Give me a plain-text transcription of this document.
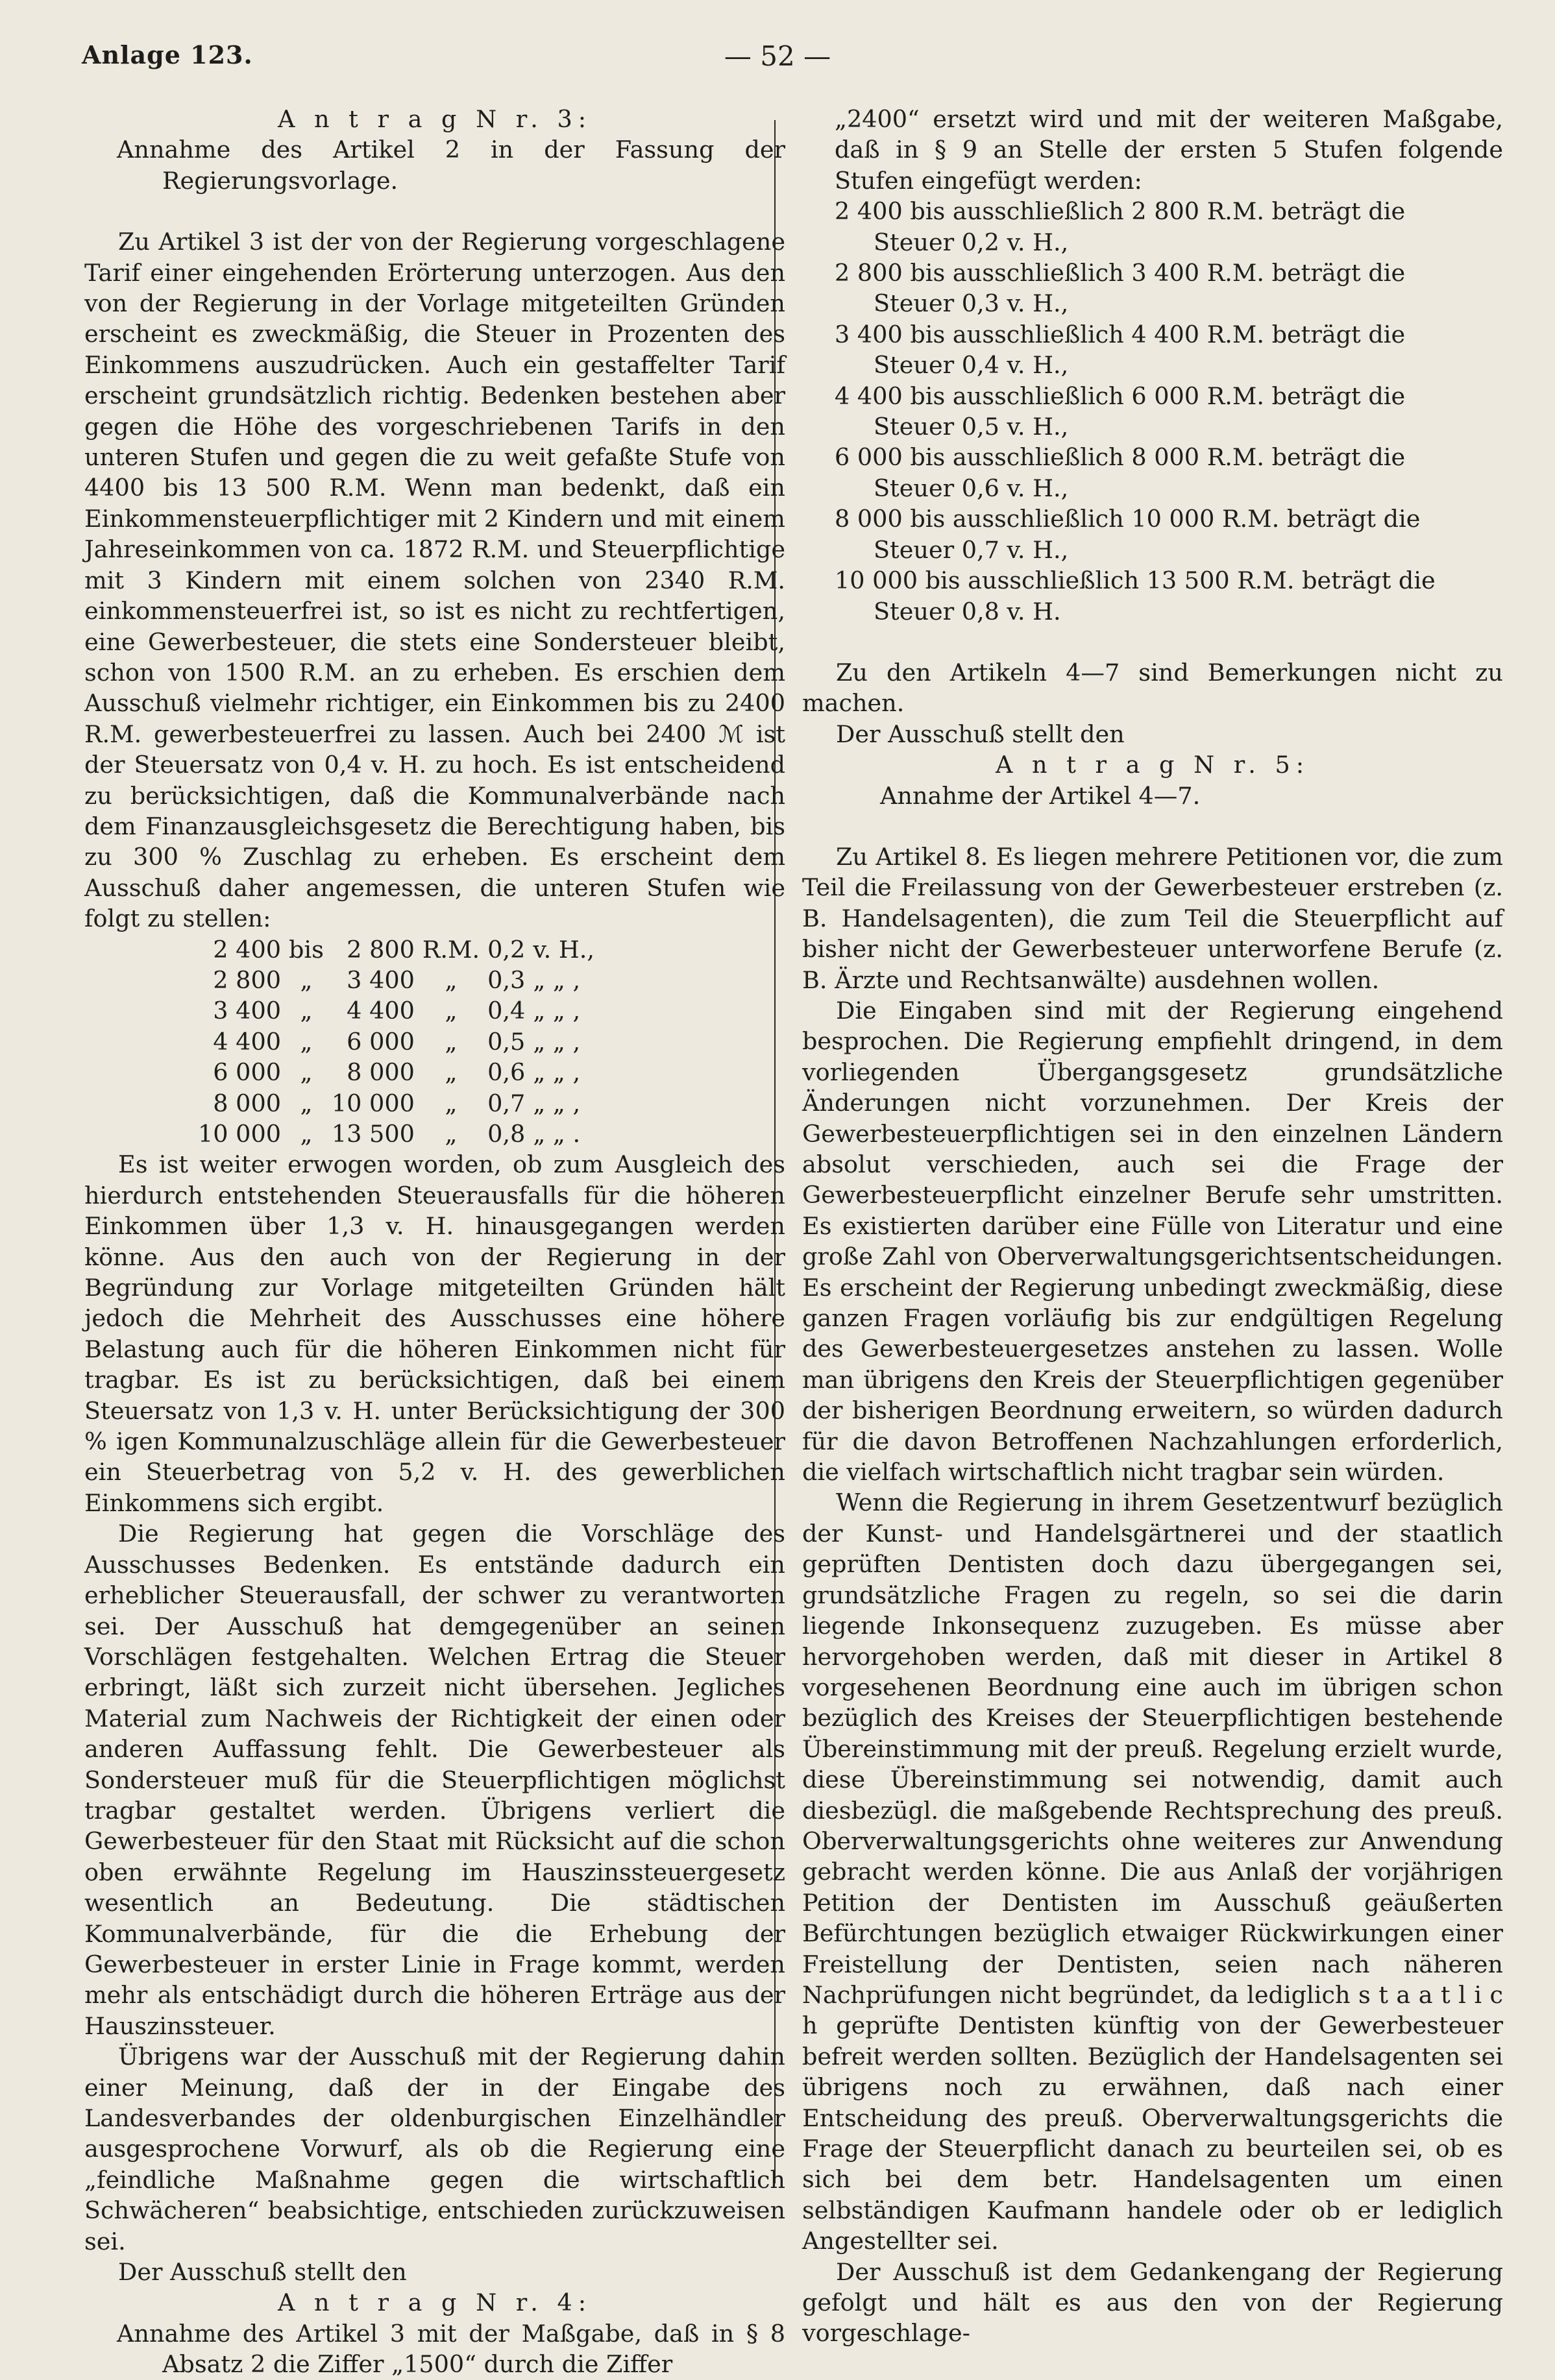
Anlage 123.	— 52 —

A n t r a g N r. 3:

Annahme des Artikel 2 in der Fassung der Regierungsvorlage.

Zu Artikel 3 ist der von der Regierung vorgeschlagene Tarif einer eingehenden Erörterung unterzogen. Aus den von der Regierung in der Vorlage mitgeteilten Gründen erscheint es zweckmäßig, die Steuer in Prozenten des Einkommens auszudrücken. Auch ein gestaffelter Tarif erscheint grundsätzlich richtig. Bedenken bestehen aber gegen die Höhe des vorgeschriebenen Tarifs in den unteren Stufen und gegen die zu weit gefaßte Stufe von 4400 bis 13 500 R.M. Wenn man bedenkt, daß ein Einkommensteuerpflichtiger mit 2 Kindern und mit einem Jahreseinkommen von ca. 1872 R.M. und Steuerpflichtige mit 3 Kindern mit einem solchen von 2340 R.M. einkommensteuerfrei ist, so ist es nicht zu rechtfertigen, eine Gewerbesteuer, die stets eine Sondersteuer bleibt, schon von 1500 R.M. an zu erheben. Es erschien dem Ausschuß vielmehr richtiger, ein Einkommen bis zu 2400 R.M. gewerbesteuerfrei zu lassen. Auch bei 2400 ℳ ist der Steuersatz von 0,4 v. H. zu hoch. Es ist entscheidend zu berücksichtigen, daß die Kommunalverbände nach dem Finanzausgleichsgesetz die Berechtigung haben, bis zu 300 % Zuschlag zu erheben. Es erscheint dem Ausschuß daher angemessen, die unteren Stufen wie folgt zu stellen:

2 400	bis	2 800	R.M.	0,2	v. H.,
2 800	„	3 400	„	0,3	„ „ ,
3 400	„	4 400	„	0,4	„ „ ,
4 400	„	6 000	„	0,5	„ „ ,
6 000	„	8 000	„	0,6	„ „ ,
8 000	„	10 000	„	0,7	„ „ ,
10 000	„	13 500	„	0,8	„ „ .

Es ist weiter erwogen worden, ob zum Ausgleich des hierdurch entstehenden Steuerausfalls für die höheren Einkommen über 1,3 v. H. hinausgegangen werden könne. Aus den auch von der Regierung in der Begründung zur Vorlage mitgeteilten Gründen hält jedoch die Mehrheit des Ausschusses eine höhere Belastung auch für die höheren Einkommen nicht für tragbar. Es ist zu berücksichtigen, daß bei einem Steuersatz von 1,3 v. H. unter Berücksichtigung der 300 % igen Kommunalzuschläge allein für die Gewerbesteuer ein Steuerbetrag von 5,2 v. H. des gewerblichen Einkommens sich ergibt.

Die Regierung hat gegen die Vorschläge des Ausschusses Bedenken. Es entstände dadurch ein erheblicher Steuerausfall, der schwer zu verantworten sei. Der Ausschuß hat demgegenüber an seinen Vorschlägen festgehalten. Welchen Ertrag die Steuer erbringt, läßt sich zurzeit nicht übersehen. Jegliches Material zum Nachweis der Richtigkeit der einen oder anderen Auffassung fehlt. Die Gewerbesteuer als Sondersteuer muß für die Steuerpflichtigen möglichst tragbar gestaltet werden. Übrigens verliert die Gewerbesteuer für den Staat mit Rücksicht auf die schon oben erwähnte Regelung im Hauszinssteuergesetz wesentlich an Bedeutung. Die städtischen Kommunalverbände, für die die Erhebung der Gewerbesteuer in erster Linie in Frage kommt, werden mehr als entschädigt durch die höheren Erträge aus der Hauszinssteuer.

Übrigens war der Ausschuß mit der Regierung dahin einer Meinung, daß der in der Eingabe des Landesverbandes der oldenburgischen Einzelhändler ausgesprochene Vorwurf, als ob die Regierung eine „feindliche Maßnahme gegen die wirtschaftlich Schwächeren“ beabsichtige, entschieden zurückzuweisen sei.

Der Ausschuß stellt den

A n t r a g N r. 4:

Annahme des Artikel 3 mit der Maßgabe, daß in § 8 Absatz 2 die Ziffer „1500“ durch die Ziffer

„2400“ ersetzt wird und mit der weiteren Maßgabe, daß in § 9 an Stelle der ersten 5 Stufen folgende Stufen eingefügt werden:

2 400 bis ausschließlich 2 800 R.M. beträgt die
Steuer 0,2 v. H.,
2 800 bis ausschließlich 3 400 R.M. beträgt die
Steuer 0,3 v. H.,
3 400 bis ausschließlich 4 400 R.M. beträgt die
Steuer 0,4 v. H.,
4 400 bis ausschließlich 6 000 R.M. beträgt die
Steuer 0,5 v. H.,
6 000 bis ausschließlich 8 000 R.M. beträgt die
Steuer 0,6 v. H.,
8 000 bis ausschließlich 10 000 R.M. beträgt die
Steuer 0,7 v. H.,
10 000 bis ausschließlich 13 500 R.M. beträgt die
Steuer 0,8 v. H.

Zu den Artikeln 4—7 sind Bemerkungen nicht zu machen.

Der Ausschuß stellt den

A n t r a g N r. 5:

Annahme der Artikel 4—7.

Zu Artikel 8. Es liegen mehrere Petitionen vor, die zum Teil die Freilassung von der Gewerbesteuer erstreben (z. B. Handelsagenten), die zum Teil die Steuerpflicht auf bisher nicht der Gewerbesteuer unterworfene Berufe (z. B. Ärzte und Rechtsanwälte) ausdehnen wollen.

Die Eingaben sind mit der Regierung eingehend besprochen. Die Regierung empfiehlt dringend, in dem vorliegenden Übergangsgesetz grundsätzliche Änderungen nicht vorzunehmen. Der Kreis der Gewerbesteuerpflichtigen sei in den einzelnen Ländern absolut verschieden, auch sei die Frage der Gewerbesteuerpflicht einzelner Berufe sehr umstritten. Es existierten darüber eine Fülle von Literatur und eine große Zahl von Oberverwaltungsgerichtsentscheidungen. Es erscheint der Regierung unbedingt zweckmäßig, diese ganzen Fragen vorläufig bis zur endgültigen Regelung des Gewerbesteuergesetzes anstehen zu lassen. Wolle man übrigens den Kreis der Steuerpflichtigen gegenüber der bisherigen Beordnung erweitern, so würden dadurch für die davon Betroffenen Nachzahlungen erforderlich, die vielfach wirtschaftlich nicht tragbar sein würden.

Wenn die Regierung in ihrem Gesetzentwurf bezüglich der Kunst- und Handelsgärtnerei und der staatlich geprüften Dentisten doch dazu übergegangen sei, grundsätzliche Fragen zu regeln, so sei die darin liegende Inkonsequenz zuzugeben. Es müsse aber hervorgehoben werden, daß mit dieser in Artikel 8 vorgesehenen Beordnung eine auch im übrigen schon bezüglich des Kreises der Steuerpflichtigen bestehende Übereinstimmung mit der preuß. Regelung erzielt wurde, diese Übereinstimmung sei notwendig, damit auch diesbezügl. die maßgebende Rechtsprechung des preuß. Oberverwaltungsgerichts ohne weiteres zur Anwendung gebracht werden könne. Die aus Anlaß der vorjährigen Petition der Dentisten im Ausschuß geäußerten Befürchtungen bezüglich etwaiger Rückwirkungen einer Freistellung der Dentisten, seien nach näheren Nachprüfungen nicht begründet, da lediglich s t a a t l i c h geprüfte Dentisten künftig von der Gewerbesteuer befreit werden sollten. Bezüglich der Handelsagenten sei übrigens noch zu erwähnen, daß nach einer Entscheidung des preuß. Oberverwaltungsgerichts die Frage der Steuerpflicht danach zu beurteilen sei, ob es sich bei dem betr. Handelsagenten um einen selbständigen Kaufmann handele oder ob er lediglich Angestellter sei.

Der Ausschuß ist dem Gedankengang der Regierung gefolgt und hält es aus den von der Regierung vorgeschlage-
